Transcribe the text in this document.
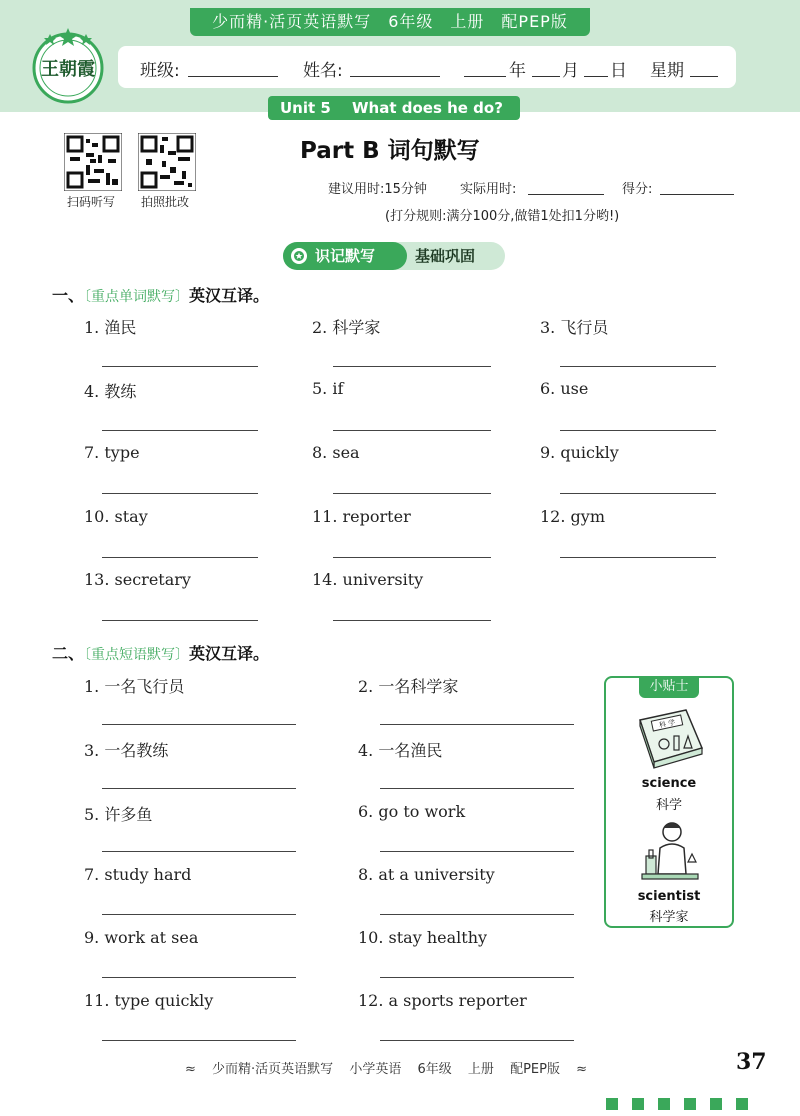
少而精·活页英语默写　6年级　上册　配PEP版
王朝霞	班级:	姓名:	年 月 日 星期
Unit 5 What does he do?
扫码听写 拍照批改
Part B 词句默写
建议用时:15分钟	实际用时:	得分:
(打分规则:满分100分,做错1处扣1分哟!)
识记默写	基础巩固
一、〔重点单词默写〕英汉互译。
1. 渔民	2. 科学家	3. 飞行员
4. 教练	5. if	6. use
7. type	8. sea	9. quickly
10. stay	11. reporter	12. gym
13. secretary	14. university
二、〔重点短语默写〕英汉互译。
1. 一名飞行员	2. 一名科学家
3. 一名教练	4. 一名渔民
5. 许多鱼	6. go to work
7. study hard	8. at a university
9. work at sea	10. stay healthy
11. type quickly	12. a sports reporter
小贴士
科 学
science
科学
scientist
科学家
≈ 少而精·活页英语默写 小学英语 6年级 上册 配PEP版 ≈	37
